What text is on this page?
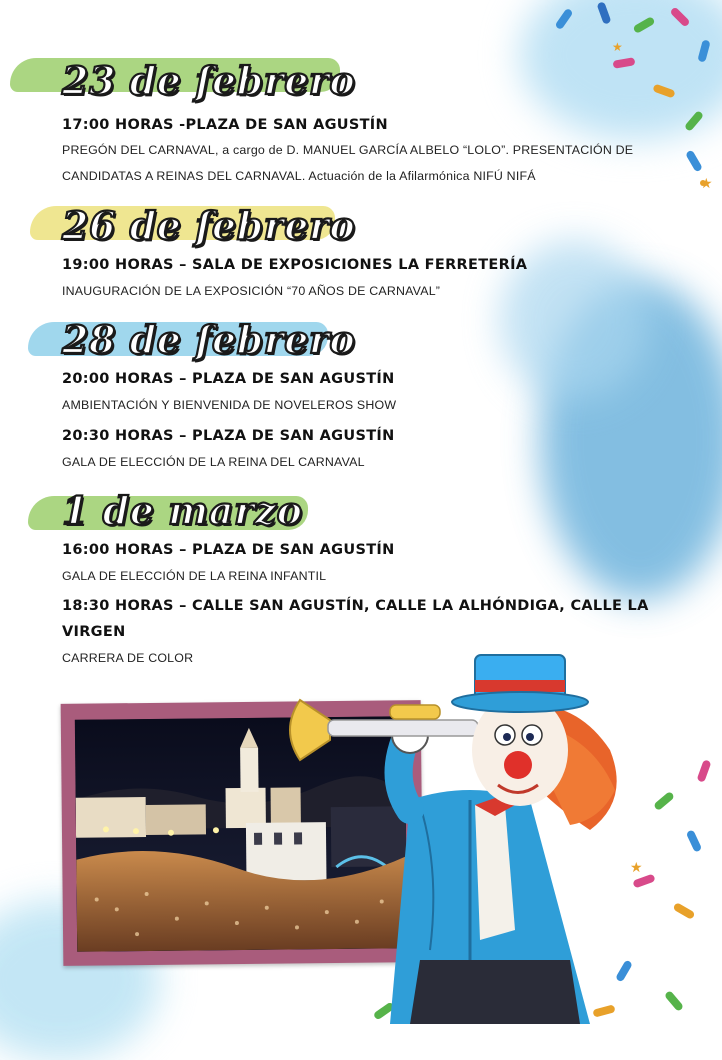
23 de febrero

17:00 HORAS -PLAZA DE SAN AGUSTÍN

PREGÓN DEL CARNAVAL, a cargo de D. MANUEL GARCÍA ALBELO “LOLO”. PRESENTACIÓN DE

CANDIDATAS A REINAS DEL CARNAVAL. Actuación de la Afilarmónica NIFÚ NIFÁ

26 de febrero

19:00 HORAS – SALA DE EXPOSICIONES LA FERRETERÍA

INAUGURACIÓN DE LA EXPOSICIÓN “70 AÑOS DE CARNAVAL”

28 de febrero

20:00 HORAS – PLAZA DE SAN AGUSTÍN

AMBIENTACIÓN Y BIENVENIDA DE NOVELEROS SHOW

20:30 HORAS – PLAZA DE SAN AGUSTÍN

GALA DE ELECCIÓN DE LA REINA DEL CARNAVAL

1 de marzo

16:00 HORAS – PLAZA DE SAN AGUSTÍN

GALA DE ELECCIÓN DE LA REINA INFANTIL

18:30 HORAS – CALLE SAN AGUSTÍN, CALLE LA ALHÓNDIGA, CALLE LA

VIRGEN

CARRERA DE COLOR

★
★
★
